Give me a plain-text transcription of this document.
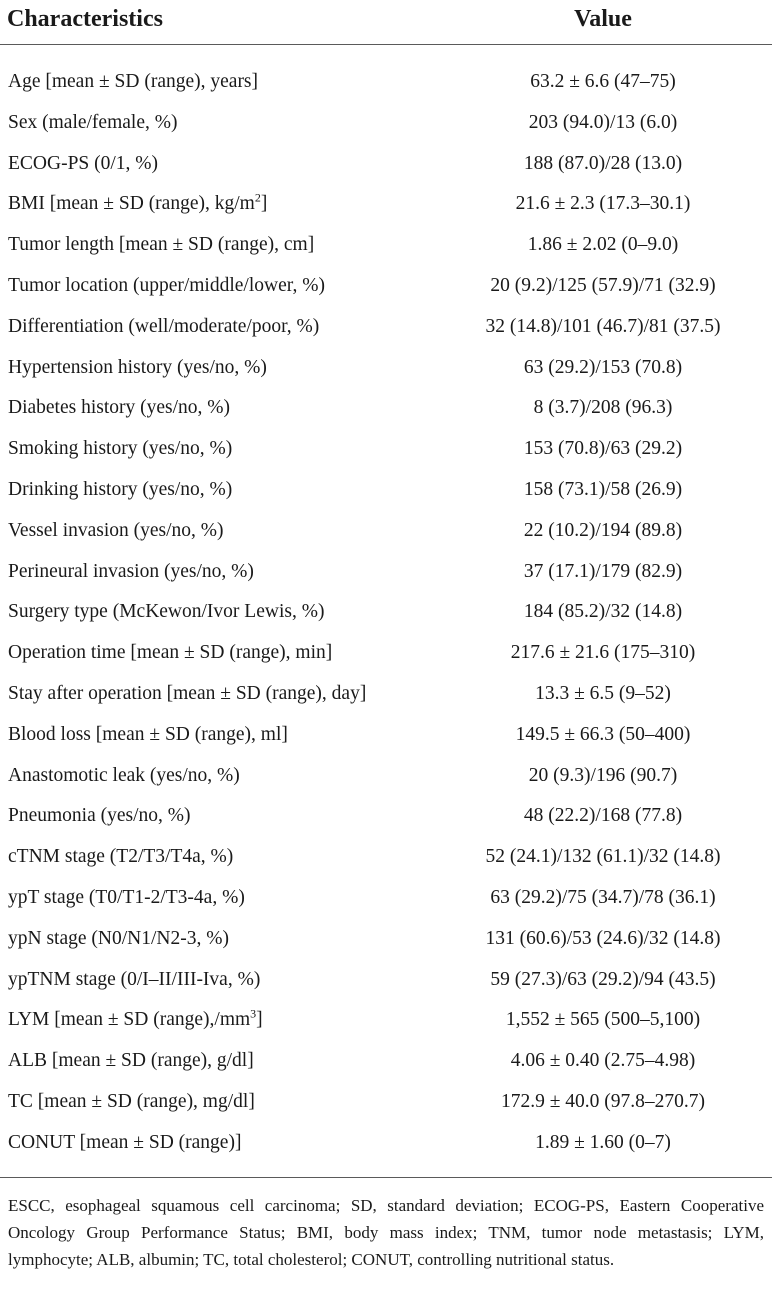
Characteristics	Value
Age [mean ± SD (range), years]	63.2 ± 6.6 (47–75)
Sex (male/female, %)	203 (94.0)/13 (6.0)
ECOG-PS (0/1, %)	188 (87.0)/28 (13.0)
BMI [mean ± SD (range), $kg/m^2$]	21.6 ± 2.3 (17.3–30.1)
Tumor length [mean ± SD (range), cm]	1.86 ± 2.02 (0–9.0)
Tumor location (upper/middle/lower, %)	20 (9.2)/125 (57.9)/71 (32.9)
Differentiation (well/moderate/poor, %)	32 (14.8)/101 (46.7)/81 (37.5)
Hypertension history (yes/no, %)	63 (29.2)/153 (70.8)
Diabetes history (yes/no, %)	8 (3.7)/208 (96.3)
Smoking history (yes/no, %)	153 (70.8)/63 (29.2)
Drinking history (yes/no, %)	158 (73.1)/58 (26.9)
Vessel invasion (yes/no, %)	22 (10.2)/194 (89.8)
Perineural invasion (yes/no, %)	37 (17.1)/179 (82.9)
Surgery type (McKewon/Ivor Lewis, %)	184 (85.2)/32 (14.8)
Operation time [mean ± SD (range), min]	217.6 ± 21.6 (175–310)
Stay after operation [mean ± SD (range), day]	13.3 ± 6.5 (9–52)
Blood loss [mean ± SD (range), ml]	149.5 ± 66.3 (50–400)
Anastomotic leak (yes/no, %)	20 (9.3)/196 (90.7)
Pneumonia (yes/no, %)	48 (22.2)/168 (77.8)
cTNM stage (T2/T3/T4a, %)	52 (24.1)/132 (61.1)/32 (14.8)
ypT stage (T0/T1-2/T3-4a, %)	63 (29.2)/75 (34.7)/78 (36.1)
ypN stage (N0/N1/N2-3, %)	131 (60.6)/53 (24.6)/32 (14.8)
ypTNM stage (0/I–II/III-Iva, %)	59 (27.3)/63 (29.2)/94 (43.5)
LYM [mean ± SD $(range),/mm^3$]	1,552 ± 565 (500–5,100)
ALB [mean ± SD (range), g/dl]	4.06 ± 0.40 (2.75–4.98)
TC [mean ± SD (range), mg/dl]	172.9 ± 40.0 (97.8–270.7)
CONUT [mean ± SD (range)]	1.89 ± 1.60 (0–7)
ESCC, esophageal squamous cell carcinoma; SD, standard deviation; ECOG-PS, Eastern Cooperative Oncology Group Performance Status; BMI, body mass index; TNM, tumor node metastasis; LYM, lymphocyte; ALB, albumin; TC, total cholesterol; CONUT, controlling nutritional status.
